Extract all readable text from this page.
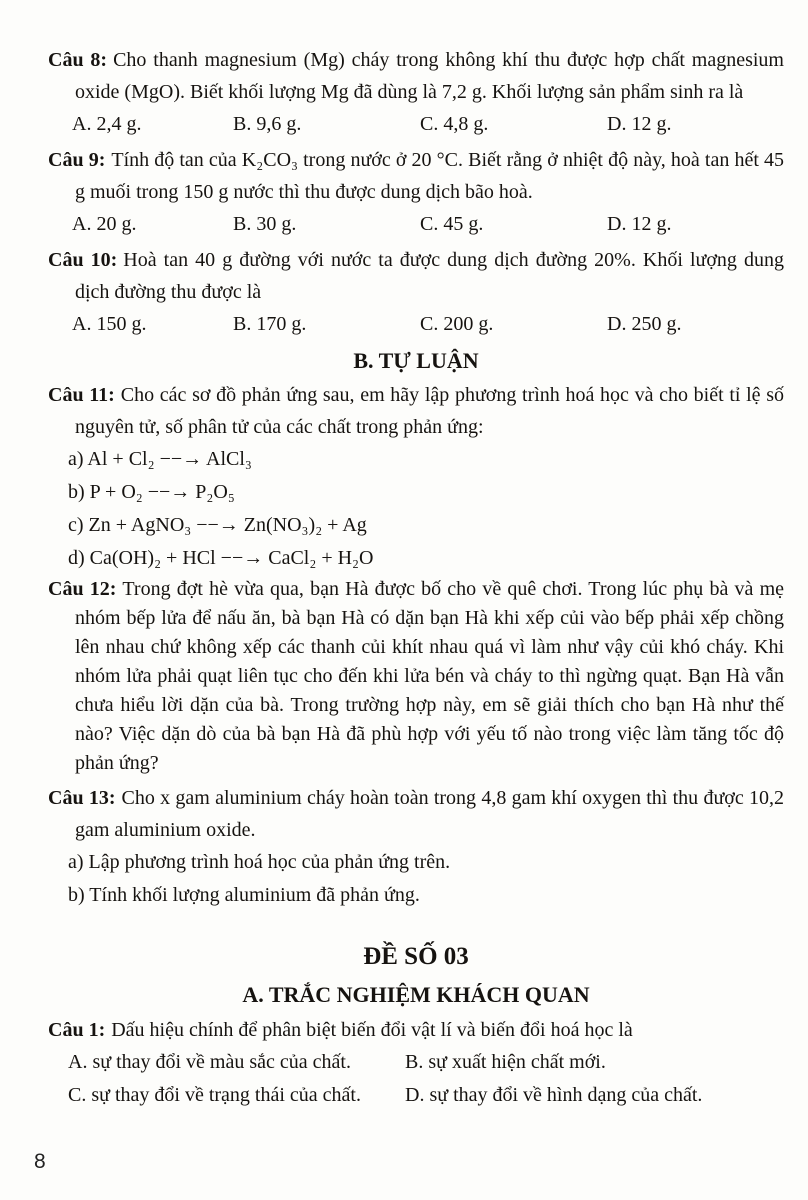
Câu 8: Cho thanh magnesium (Mg) cháy trong không khí thu được hợp chất magnesium oxide (MgO). Biết khối lượng Mg đã dùng là 7,2 g. Khối lượng sản phẩm sinh ra là

A. 2,4 g.	B. 9,6 g.	C. 4,8 g.	D. 12 g.

Câu 9: Tính độ tan của K₂CO₃ trong nước ở 20 °C. Biết rằng ở nhiệt độ này, hoà tan hết 45 g muối trong 150 g nước thì thu được dung dịch bão hoà.

A. 20 g.	B. 30 g.	C. 45 g.	D. 12 g.

Câu 10: Hoà tan 40 g đường với nước ta được dung dịch đường 20%. Khối lượng dung dịch đường thu được là

A. 150 g.	B. 170 g.	C. 200 g.	D. 250 g.
B. TỰ LUẬN

Câu 11: Cho các sơ đồ phản ứng sau, em hãy lập phương trình hoá học và cho biết tỉ lệ số nguyên tử, số phân tử của các chất trong phản ứng:

a) Al + Cl₂ −−→ AlCl₃

b) P + O₂ −−→ P₂O₅

c) Zn + AgNO₃ −−→ Zn(NO₃)₂ + Ag

d) Ca(OH)₂ + HCl −−→ CaCl₂ + H₂O

Câu 12: Trong đợt hè vừa qua, bạn Hà được bố cho về quê chơi. Trong lúc phụ bà và mẹ nhóm bếp lửa để nấu ăn, bà bạn Hà có dặn bạn Hà khi xếp củi vào bếp phải xếp chồng lên nhau chứ không xếp các thanh củi khít nhau quá vì làm như vậy củi khó cháy. Khi nhóm lửa phải quạt liên tục cho đến khi lửa bén và cháy to thì ngừng quạt. Bạn Hà vẫn chưa hiểu lời dặn của bà. Trong trường hợp này, em sẽ giải thích cho bạn Hà như thế nào? Việc dặn dò của bà bạn Hà đã phù hợp với yếu tố nào trong việc làm tăng tốc độ phản ứng?

Câu 13: Cho x gam aluminium cháy hoàn toàn trong 4,8 gam khí oxygen thì thu được 10,2 gam aluminium oxide.

a) Lập phương trình hoá học của phản ứng trên.

b) Tính khối lượng aluminium đã phản ứng.

ĐỀ SỐ 03
A. TRẮC NGHIỆM KHÁCH QUAN

Câu 1: Dấu hiệu chính để phân biệt biến đổi vật lí và biến đổi hoá học là

A. sự thay đổi về màu sắc của chất.	B. sự xuất hiện chất mới.
C. sự thay đổi về trạng thái của chất.	D. sự thay đổi về hình dạng của chất.
8
